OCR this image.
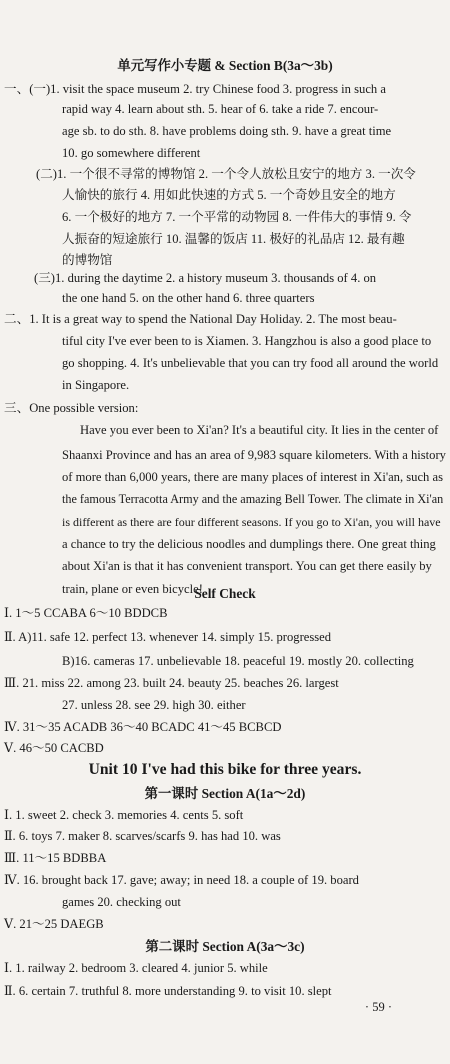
单元写作小专题 & Section B(3a～3b)
一、(一)1. visit the space museum 2. try Chinese food 3. progress in such a
rapid way 4. learn about sth. 5. hear of 6. take a ride 7. encour-
age sb. to do sth. 8. have problems doing sth. 9. have a great time
10. go somewhere different
(二)1. 一个很不寻常的博物馆 2. 一个令人放松且安宁的地方 3. 一次令
人愉快的旅行 4. 用如此快速的方式 5. 一个奇妙且安全的地方
6. 一个极好的地方 7. 一个平常的动物园 8. 一件伟大的事情 9. 令
人振奋的短途旅行 10. 温馨的饭店 11. 极好的礼品店 12. 最有趣
的博物馆
(三)1. during the daytime 2. a history museum 3. thousands of 4. on
the one hand 5. on the other hand 6. three quarters
二、1. It is a great way to spend the National Day Holiday. 2. The most beau-
tiful city I've ever been to is Xiamen. 3. Hangzhou is also a good place to
go shopping. 4. It's unbelievable that you can try food all around the world
in Singapore.
三、One possible version:
Have you ever been to Xi'an? It's a beautiful city. It lies in the center of
Shaanxi Province and has an area of 9,983 square kilometers. With a history
of more than 6,000 years, there are many places of interest in Xi'an, such as
the famous Terracotta Army and the amazing Bell Tower. The climate in Xi'an
is different as there are four different seasons. If you go to Xi'an, you will have
a chance to try the delicious noodles and dumplings there. One great thing
about Xi'an is that it has convenient transport. You can get there easily by
train, plane or even bicycle!
Self Check
Ⅰ. 1～5 CCABA 6～10 BDDCB
Ⅱ. A)11. safe 12. perfect 13. whenever 14. simply 15. progressed
B)16. cameras 17. unbelievable 18. peaceful 19. mostly 20. collecting
Ⅲ. 21. miss 22. among 23. built 24. beauty 25. beaches 26. largest
27. unless 28. see 29. high 30. either
Ⅳ. 31～35 ACADB 36～40 BCADC 41～45 BCBCD
Ⅴ. 46～50 CACBD
Unit 10 I've had this bike for three years.
第一课时 Section A(1a～2d)
Ⅰ. 1. sweet 2. check 3. memories 4. cents 5. soft
Ⅱ. 6. toys 7. maker 8. scarves/scarfs 9. has had 10. was
Ⅲ. 11～15 BDBBA
Ⅳ. 16. brought back 17. gave; away; in need 18. a couple of 19. board
games 20. checking out
Ⅴ. 21～25 DAEGB
第二课时 Section A(3a～3c)
Ⅰ. 1. railway 2. bedroom 3. cleared 4. junior 5. while
Ⅱ. 6. certain 7. truthful 8. more understanding 9. to visit 10. slept
· 59 ·
